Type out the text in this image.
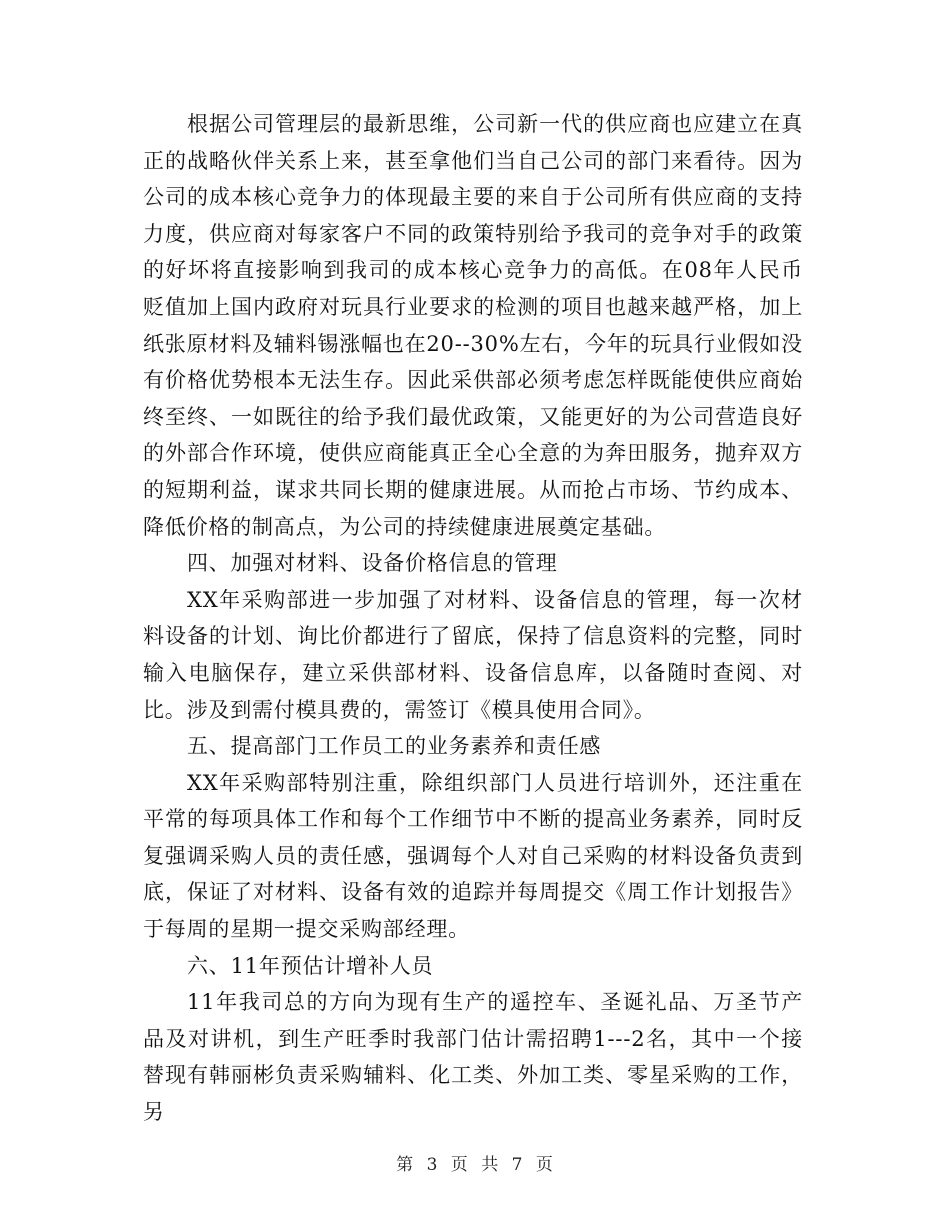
根据公司管理层的最新思维，公司新一代的供应商也应建立在真正的战略伙伴关系上来，甚至拿他们当自己公司的部门来看待。因为公司的成本核心竞争力的体现最主要的来自于公司所有供应商的支持力度，供应商对每家客户不同的政策特别给予我司的竞争对手的政策的好坏将直接影响到我司的成本核心竞争力的高低。在08年人民币贬值加上国内政府对玩具行业要求的检测的项目也越来越严格，加上纸张原材料及辅料锡涨幅也在20--30%左右，今年的玩具行业假如没有价格优势根本无法生存。因此采供部必须考虑怎样既能使供应商始终至终、一如既往的给予我们最优政策，又能更好的为公司营造良好的外部合作环境，使供应商能真正全心全意的为奔田服务，抛弃双方的短期利益，谋求共同长期的健康进展。从而抢占市场、节约成本、降低价格的制高点，为公司的持续健康进展奠定基础。

四、加强对材料、设备价格信息的管理

XX年采购部进一步加强了对材料、设备信息的管理，每一次材料设备的计划、询比价都进行了留底，保持了信息资料的完整，同时输入电脑保存，建立采供部材料、设备信息库，以备随时查阅、对比。涉及到需付模具费的，需签订《模具使用合同》。

五、提高部门工作员工的业务素养和责任感

XX年采购部特别注重，除组织部门人员进行培训外，还注重在平常的每项具体工作和每个工作细节中不断的提高业务素养，同时反复强调采购人员的责任感，强调每个人对自己采购的材料设备负责到底，保证了对材料、设备有效的追踪并每周提交《周工作计划报告》于每周的星期一提交采购部经理。

六、11年预估计增补人员

11年我司总的方向为现有生产的遥控车、圣诞礼品、万圣节产品及对讲机，到生产旺季时我部门估计需招聘1---2名，其中一个接替现有韩丽彬负责采购辅料、化工类、外加工类、零星采购的工作，另

第 3 页 共 7 页
